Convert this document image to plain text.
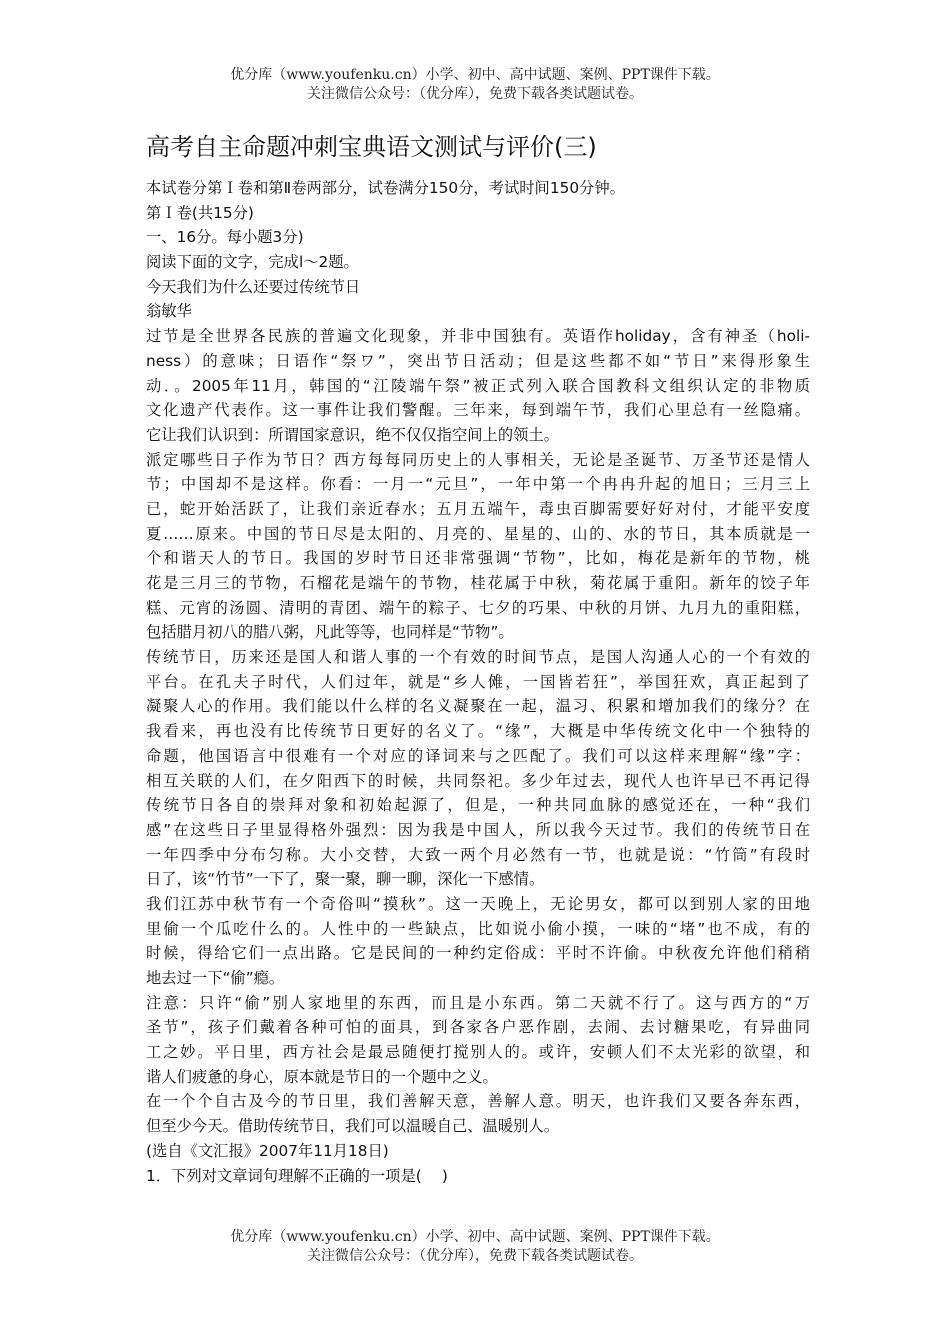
优分库（www.youfenku.cn）小学、初中、高中试题、案例、PPT课件下载。
关注微信公众号：（优分库），免费下载各类试题试卷。
高考自主命题冲刺宝典语文测试与评价(三)
本试卷分第Ｉ卷和第Ⅱ卷两部分，试卷满分150分，考试时间150分钟。
第Ｉ卷(共15分)
一、16分。每小题3分)
阅读下面的文字，完成l～2题。
今天我们为什么还要过传统节日
翁敏华
过节是全世界各民族的普遍文化现象，并非中国独有。英语作holiday，含有神圣（holi-
ness）的意味；日语作“祭ワ”，突出节日活动；但是这些都不如“节日”来得形象生
动．。2005年11月，韩国的“江陵端午祭”被正式列入联合国教科文组织认定的非物质
文化遗产代表作。这一事件让我们警醒。三年来，每到端午节，我们心里总有一丝隐痛。
它让我们认识到：所谓国家意识，绝不仅仅指空间上的领土。
派定哪些日子作为节日？西方每每同历史上的人事相关，无论是圣诞节、万圣节还是情人
节；中国却不是这样。你看：一月一“元旦”，一年中第一个冉冉升起的旭日；三月三上
已，蛇开始活跃了，让我们亲近春水；五月五端午，毒虫百脚需要好好对付，才能平安度
夏……原来。中国的节日尽是太阳的、月亮的、星星的、山的、水的节日，其本质就是一
个和谐天人的节日。我国的岁时节日还非常强调“节物”，比如，梅花是新年的节物，桃
花是三月三的节物，石榴花是端午的节物，桂花属于中秋，菊花属于重阳。新年的饺子年
糕、元宵的汤圆、清明的青团、端午的粽子、七夕的巧果、中秋的月饼、九月九的重阳糕，
包括腊月初八的腊八粥，凡此等等，也同样是“节物”。
传统节日，历来还是国人和谐人事的一个有效的时间节点，是国人沟通人心的一个有效的
平台。在孔夫子时代，人们过年，就是“乡人傩，一国皆若狂”，举国狂欢，真正起到了
凝聚人心的作用。我们能以什么样的名义凝聚在一起，温习、积累和增加我们的缘分？在
我看来，再也没有比传统节日更好的名义了。“缘”，大概是中华传统文化中一个独特的
命题，他国语言中很难有一个对应的译词来与之匹配了。我们可以这样来理解“缘”字：
相互关联的人们，在夕阳西下的时候，共同祭祀。多少年过去，现代人也许早已不再记得
传统节日各自的崇拜对象和初始起源了，但是，一种共同血脉的感觉还在，一种“我们
感”在这些日子里显得格外强烈：因为我是中国人，所以我今天过节。我们的传统节日在
一年四季中分布匀称。大小交替，大致一两个月必然有一节，也就是说：“竹筒”有段时
日了，该“竹节”一下了，聚一聚，聊一聊，深化一下感情。
我们江苏中秋节有一个奇俗叫“摸秋”。这一天晚上，无论男女，都可以到别人家的田地
里偷一个瓜吃什么的。人性中的一些缺点，比如说小偷小摸，一味的“堵”也不成，有的
时候，得给它们一点出路。它是民间的一种约定俗成：平时不许偷。中秋夜允许他们稍稍
地去过一下“偷”瘾。
注意：只许“偷”别人家地里的东西，而且是小东西。第二天就不行了。这与西方的“万
圣节”，孩子们戴着各种可怕的面具，到各家各户恶作剧，去闹、去讨糖果吃，有异曲同
工之妙。平日里，西方社会是最忌随便打搅别人的。或许，安顿人们不太光彩的欲望，和
谐人们疲惫的身心，原本就是节日的一个题中之义。
在一个个自古及今的节日里，我们善解天意，善解人意。明天，也许我们又要各奔东西，
但至少今天。借助传统节日，我们可以温暖自己、温暖别人。
(选自《文汇报》2007年11月18日)
1．下列对文章词句理解不正确的一项是(　 )
优分库（www.youfenku.cn）小学、初中、高中试题、案例、PPT课件下载。
关注微信公众号：（优分库），免费下载各类试题试卷。
